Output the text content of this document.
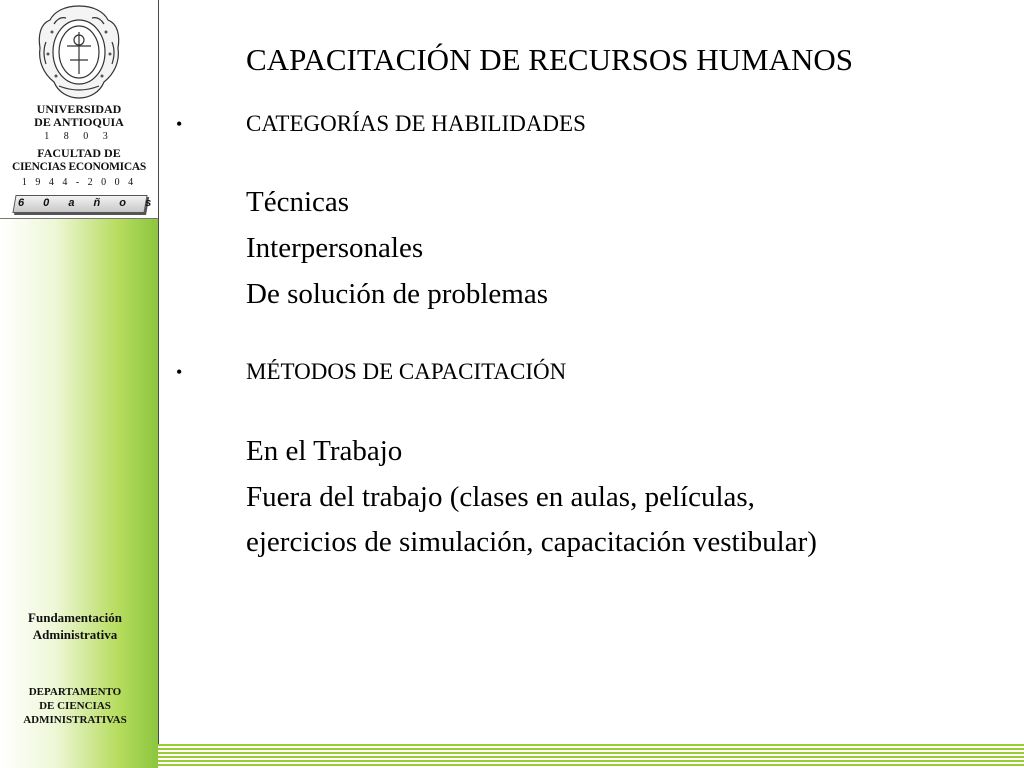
UNIVERSIDAD
DE ANTIOQUIA
1 8 0 3
FACULTAD DE
CIENCIAS ECONOMICAS
1 9 4 4 - 2 0 0 4
6 0 a ñ o s
Fundamentación
Administrativa
DEPARTAMENTO
DE CIENCIAS
ADMINISTRATIVAS
CAPACITACIÓN DE RECURSOS HUMANOS
•	CATEGORÍAS DE HABILIDADES
Técnicas
Interpersonales
De solución de problemas
•	MÉTODOS DE CAPACITACIÓN
En el Trabajo
Fuera del trabajo (clases en aulas, películas,
ejercicios de simulación, capacitación vestibular)
